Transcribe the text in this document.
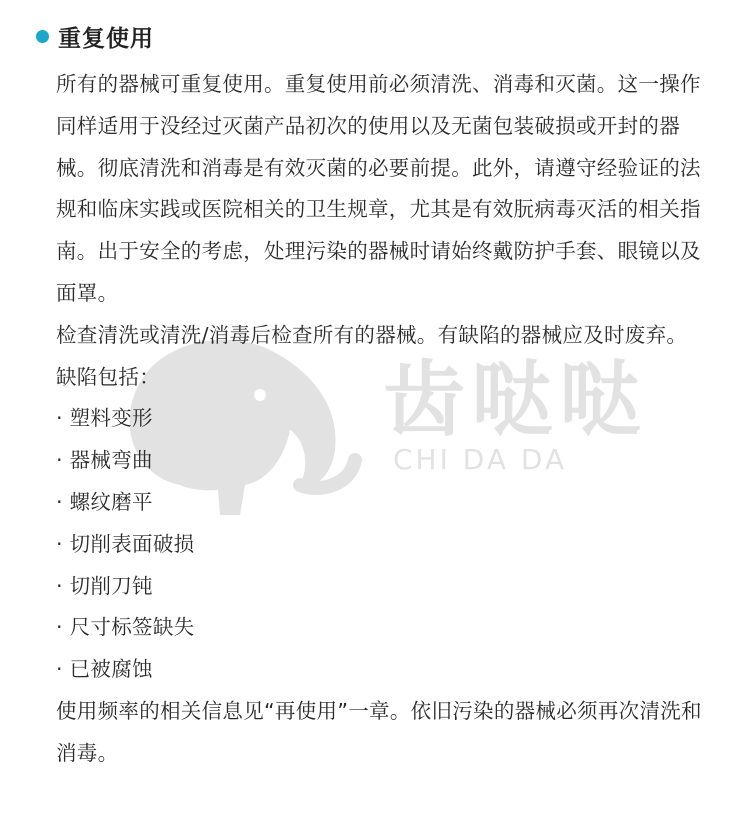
齿哒哒
CHI DA DA
重复使用

所有的器械可重复使用。重复使用前必须清洗、消毒和灭菌。这一操作同样适用于没经过灭菌产品初次的使用以及无菌包装破损或开封的器械。彻底清洗和消毒是有效灭菌的必要前提。此外，请遵守经验证的法规和临床实践或医院相关的卫生规章，尤其是有效朊病毒灭活的相关指南。出于安全的考虑，处理污染的器械时请始终戴防护手套、眼镜以及面罩。

检查清洗或清洗/消毒后检查所有的器械。有缺陷的器械应及时废弃。

缺陷包括：

· 塑料变形

· 器械弯曲

· 螺纹磨平

· 切削表面破损

· 切削刀钝

· 尺寸标签缺失

· 已被腐蚀

使用频率的相关信息见“再使用”一章。依旧污染的器械必须再次清洗和消毒。
